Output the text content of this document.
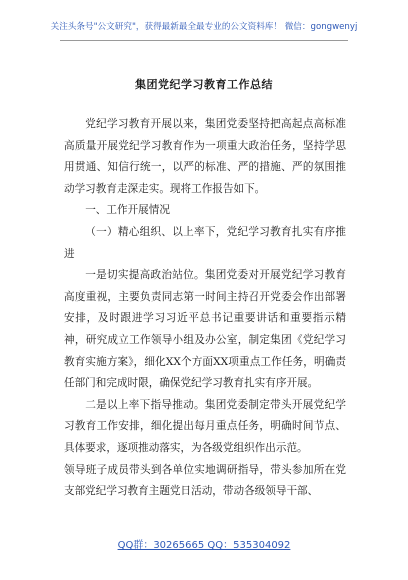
关注头条号"公文研究"，获得最新最全最专业的公文资料库！ 微信：gongwenyj
集团党纪学习教育工作总结

党纪学习教育开展以来，集团党委坚持把高起点高标准高质量开展党纪学习教育作为一项重大政治任务，坚持学思用贯通、知信行统一，以严的标准、严的措施、严的氛围推动学习教育走深走实。现将工作报告如下。

一、工作开展情况

（一）精心组织、以上率下，党纪学习教育扎实有序推进

一是切实提高政治站位。集团党委对开展党纪学习教育高度重视，主要负责同志第一时间主持召开党委会作出部署安排，及时跟进学习习近平总书记重要讲话和重要指示精神，研究成立工作领导小组及办公室，制定集团《党纪学习教育实施方案》，细化XX个方面XX项重点工作任务，明确责任部门和完成时限，确保党纪学习教育扎实有序开展。

二是以上率下指导推动。集团党委制定带头开展党纪学习教育工作安排，细化提出每月重点任务，明确时间节点、具体要求，逐项推动落实，为各级党组织作出示范。

领导班子成员带头到各单位实地调研指导，带头参加所在党支部党纪学习教育主题党日活动，带动各级领导干部、

QQ群：30265665 QQ：535304092
